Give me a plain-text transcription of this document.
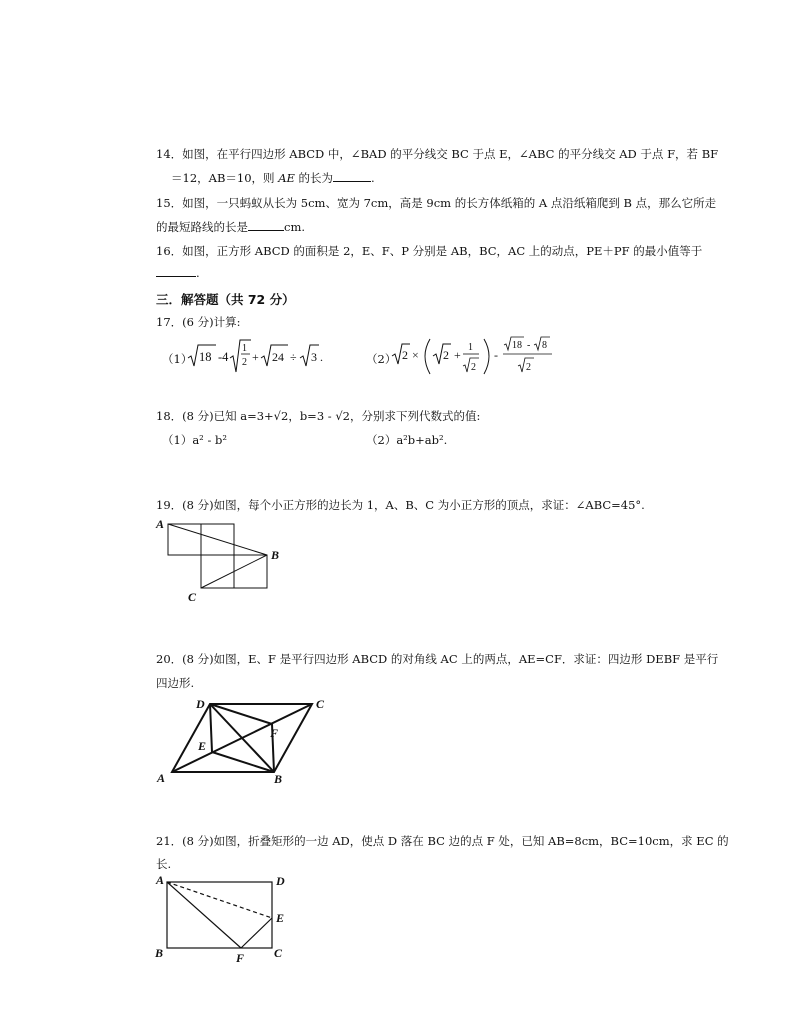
14．如图，在平行四边形 ABCD 中，∠BAD 的平分线交 BC 于点 E，∠ABC 的平分线交 AD 于点 F，若 BF
＝12，AB＝10，则 AE 的长为	.
15．如图，一只蚂蚁从长为 5cm、宽为 7cm，高是 9cm 的长方体纸箱的 A 点沿纸箱爬到 B 点，那么它所走
的最短路线的长是	cm.
16．如图，正方形 ABCD 的面积是 2，E、F、P 分别是 AB，BC，AC 上的动点，PE＋PF 的最小值等于
.
三．解答题（共 72 分）
17．(6 分)计算:
（1） 18 -4
1
2 + 24 ÷ 3 .	（2） 2 × 2 +
1
2
-
18 - 8
2
18．(8 分)已知 a=3+√2，b=3 - √2，分别求下列代数式的值:
（1）a² - b²	（2）a²b+ab².
19．(8 分)如图，每个小正方形的边长为 1，A、B、C 为小正方形的顶点，求证：∠ABC=45°.
A
B
C
20．(8 分)如图，E、F 是平行四边形 ABCD 的对角线 AC 上的两点，AE=CF．求证：四边形 DEBF 是平行
四边形.
D	C
E
F
A	B
21．(8 分)如图，折叠矩形的一边 AD，使点 D 落在 BC 边的点 F 处，已知 AB=8cm，BC=10cm，求 EC 的
长.
A	D
E
B	F C
